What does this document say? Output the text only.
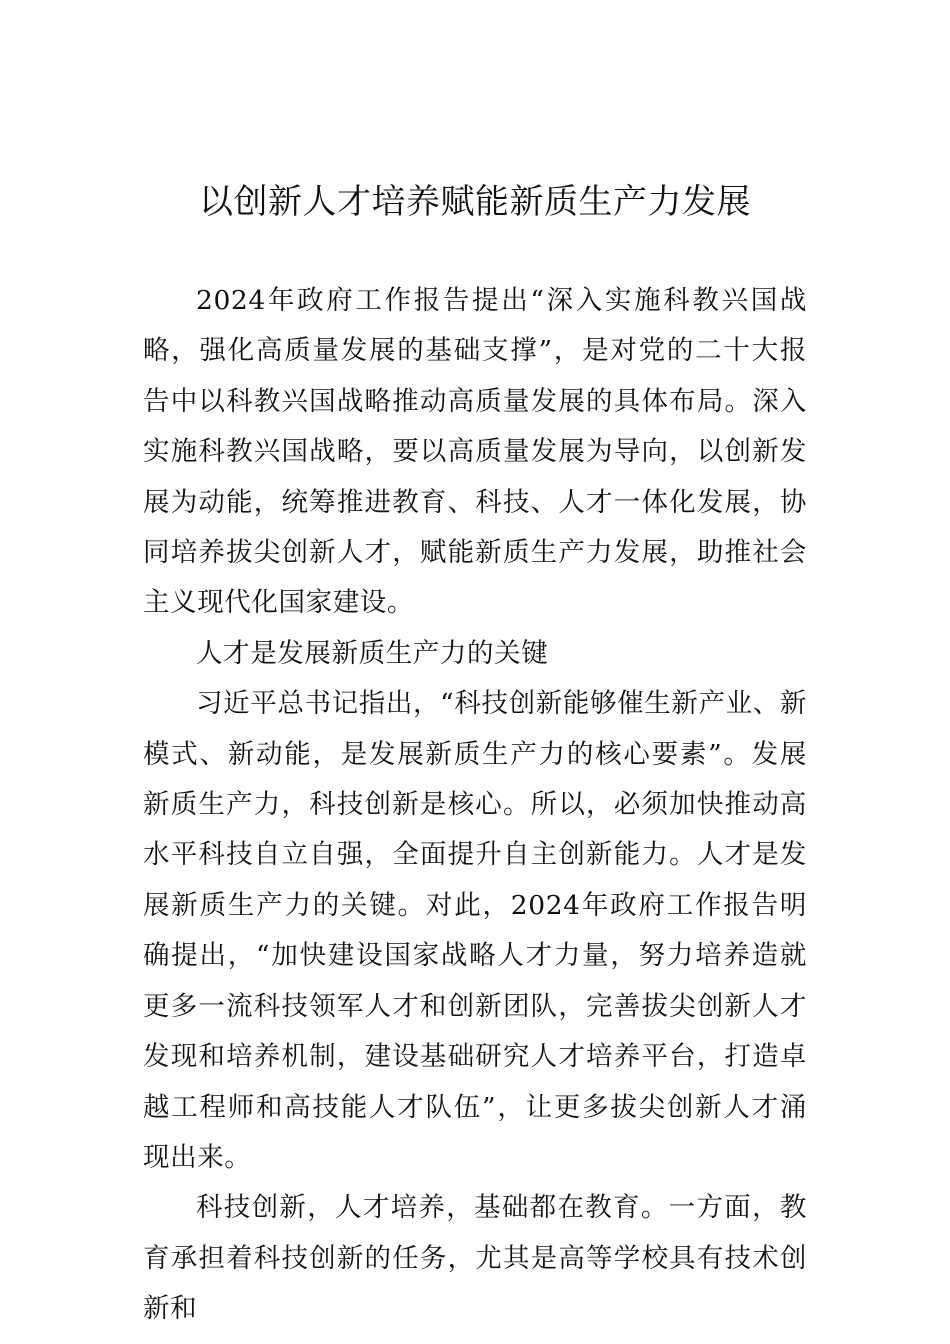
以创新人才培养赋能新质生产力发展

2024年政府工作报告提出“深入实施科教兴国战略，强化高质量发展的基础支撑”，是对党的二十大报告中以科教兴国战略推动高质量发展的具体布局。深入实施科教兴国战略，要以高质量发展为导向，以创新发展为动能，统筹推进教育、科技、人才一体化发展，协同培养拔尖创新人才，赋能新质生产力发展，助推社会主义现代化国家建设。

人才是发展新质生产力的关键

习近平总书记指出，“科技创新能够催生新产业、新模式、新动能，是发展新质生产力的核心要素”。发展新质生产力，科技创新是核心。所以，必须加快推动高水平科技自立自强，全面提升自主创新能力。人才是发展新质生产力的关键。对此，2024年政府工作报告明确提出，“加快建设国家战略人才力量，努力培养造就更多一流科技领军人才和创新团队，完善拔尖创新人才发现和培养机制，建设基础研究人才培养平台，打造卓越工程师和高技能人才队伍”，让更多拔尖创新人才涌现出来。

科技创新，人才培养，基础都在教育。一方面，教育承担着科技创新的任务，尤其是高等学校具有技术创新和
